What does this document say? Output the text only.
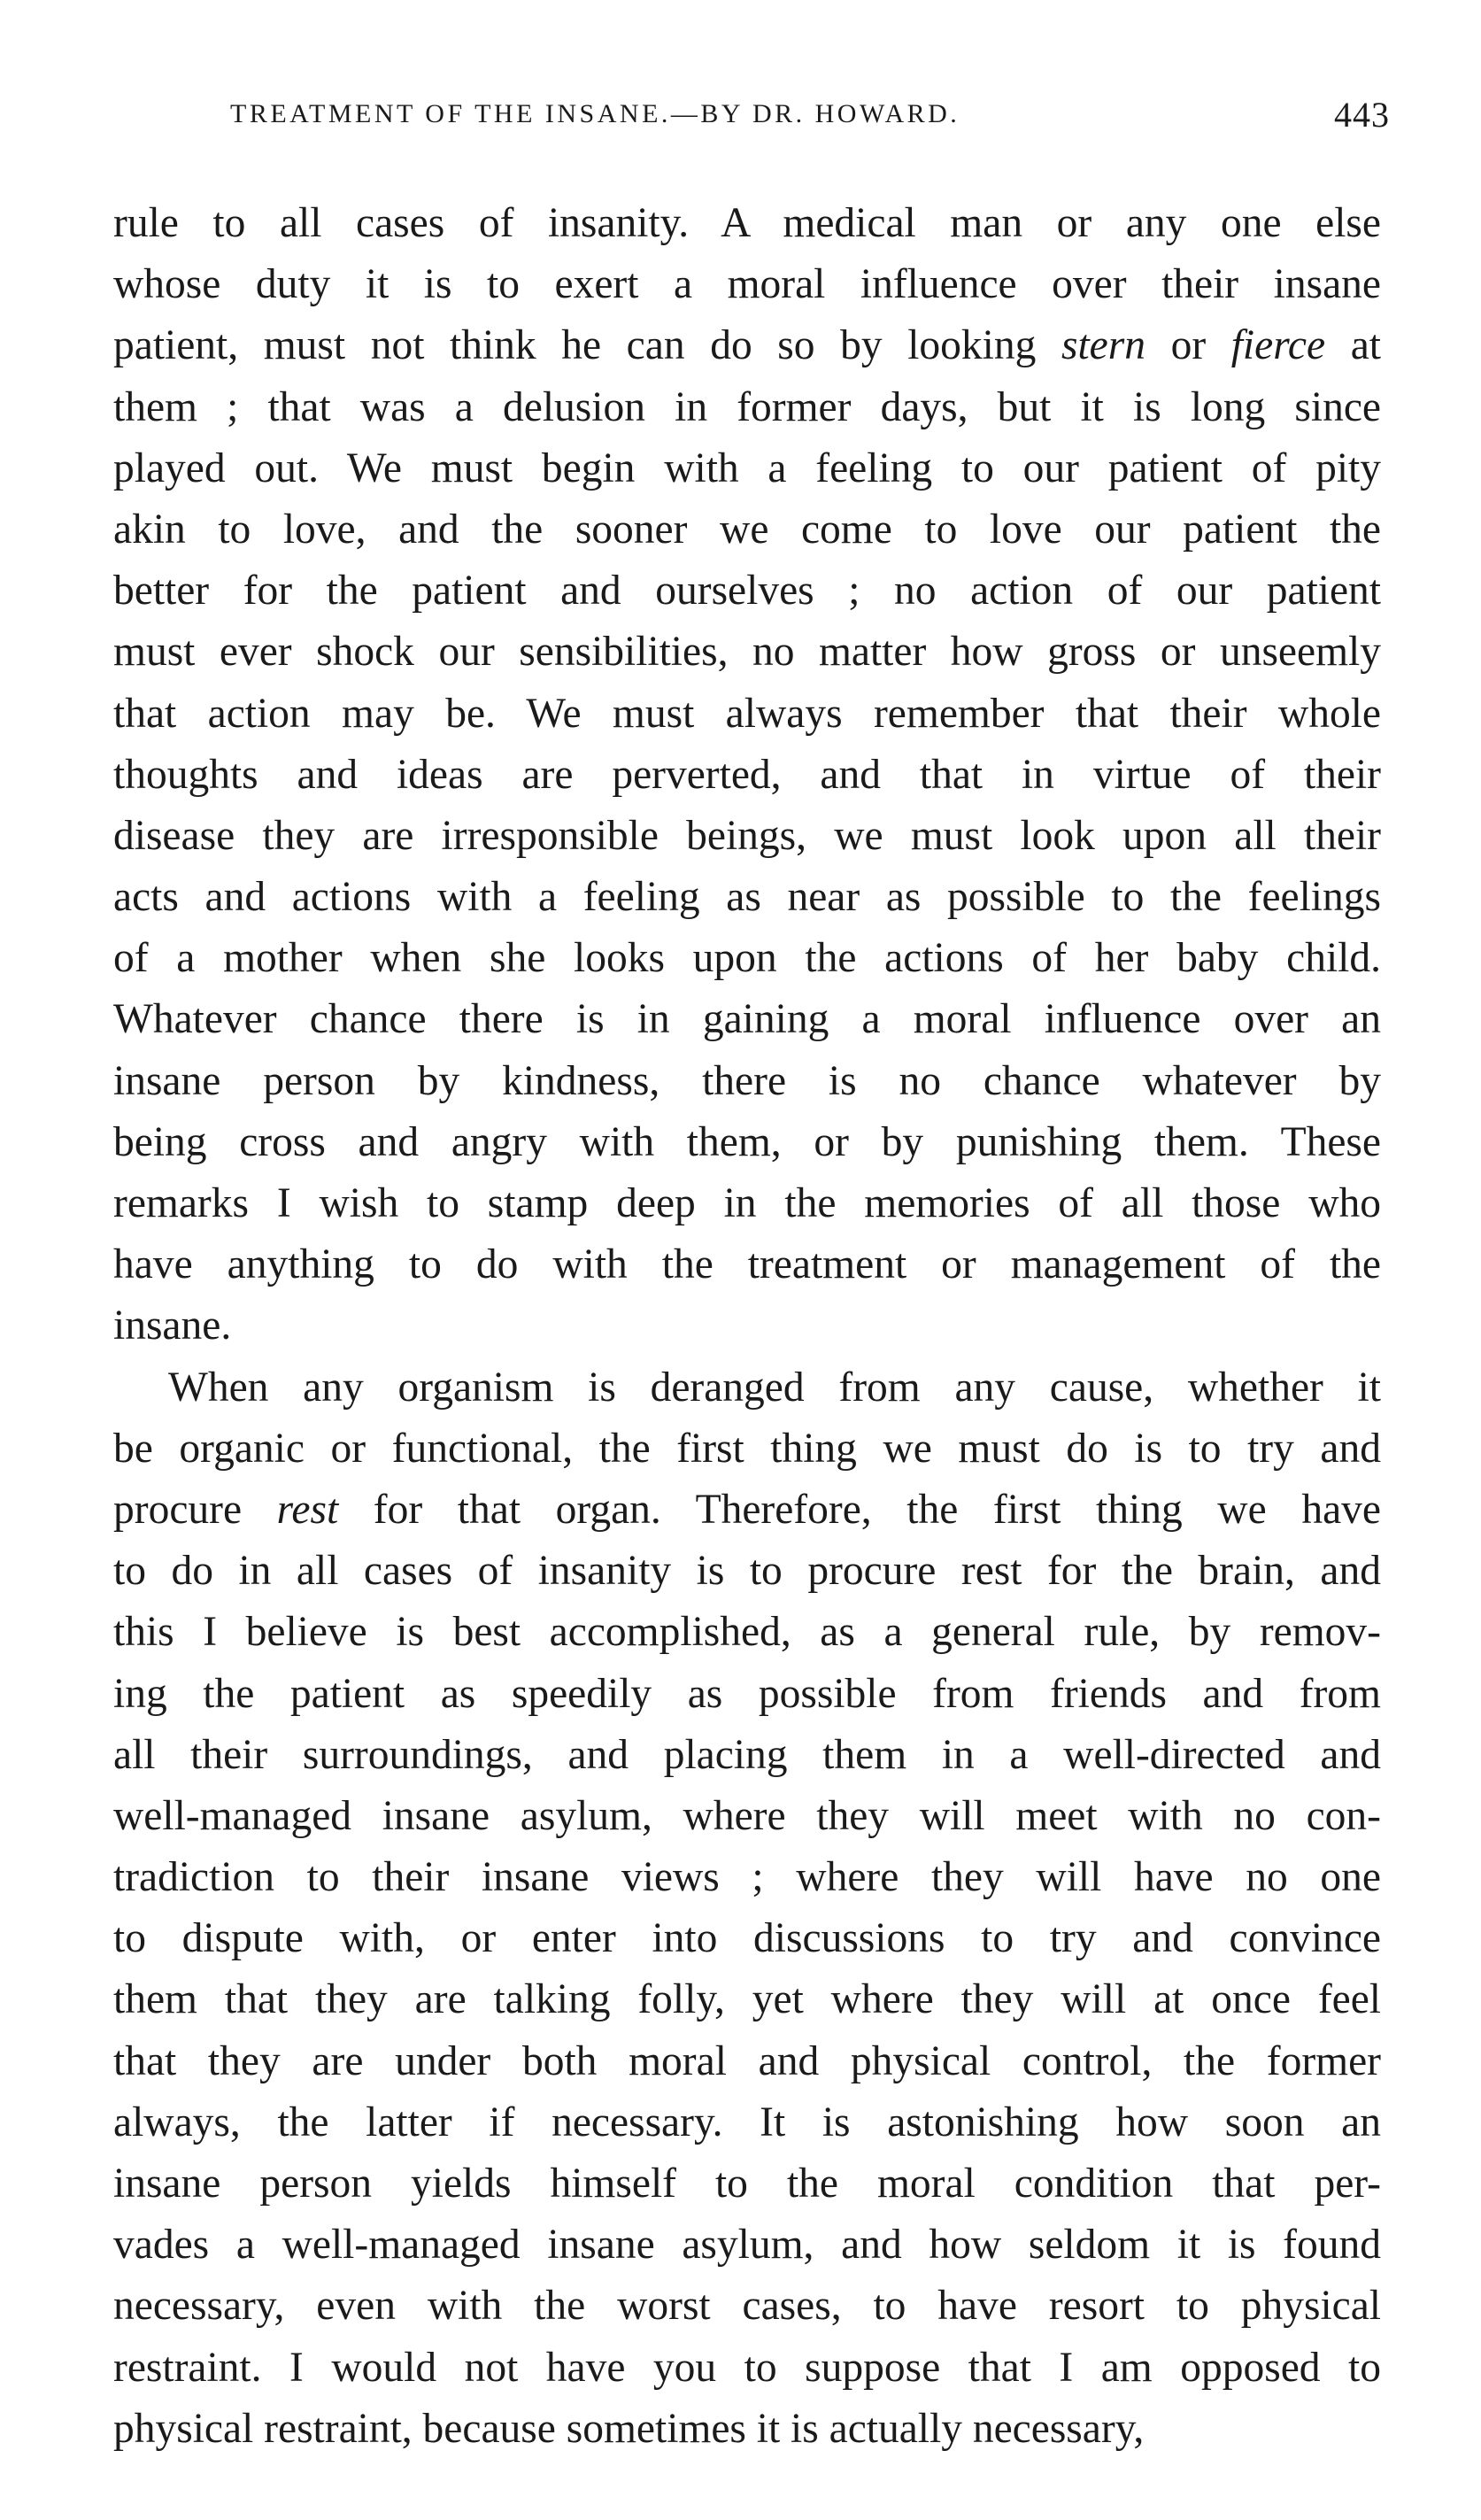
TREATMENT OF THE INSANE.—BY DR. HOWARD.	443
rule to all cases of insanity. A medical man or any one else
whose duty it is to exert a moral influence over their insane
patient, must not think he can do so by looking stern or fierce at
them ; that was a delusion in former days, but it is long since
played out. We must begin with a feeling to our patient of pity
akin to love, and the sooner we come to love our patient the
better for the patient and ourselves ; no action of our patient
must ever shock our sensibilities, no matter how gross or unseemly
that action may be. We must always remember that their whole
thoughts and ideas are perverted, and that in virtue of their
disease they are irresponsible beings, we must look upon all their
acts and actions with a feeling as near as possible to the feelings
of a mother when she looks upon the actions of her baby child.
Whatever chance there is in gaining a moral influence over an
insane person by kindness, there is no chance whatever by
being cross and angry with them, or by punishing them. These
remarks I wish to stamp deep in the memories of all those who
have anything to do with the treatment or management of the
insane.
When any organism is deranged from any cause, whether it
be organic or functional, the first thing we must do is to try and
procure rest for that organ. Therefore, the first thing we have
to do in all cases of insanity is to procure rest for the brain, and
this I believe is best accomplished, as a general rule, by remov-
ing the patient as speedily as possible from friends and from
all their surroundings, and placing them in a well-directed and
well-managed insane asylum, where they will meet with no con-
tradiction to their insane views ; where they will have no one
to dispute with, or enter into discussions to try and convince
them that they are talking folly, yet where they will at once feel
that they are under both moral and physical control, the former
always, the latter if necessary. It is astonishing how soon an
insane person yields himself to the moral condition that per-
vades a well-managed insane asylum, and how seldom it is found
necessary, even with the worst cases, to have resort to physical
restraint. I would not have you to suppose that I am opposed to
physical restraint, because sometimes it is actually necessary,
